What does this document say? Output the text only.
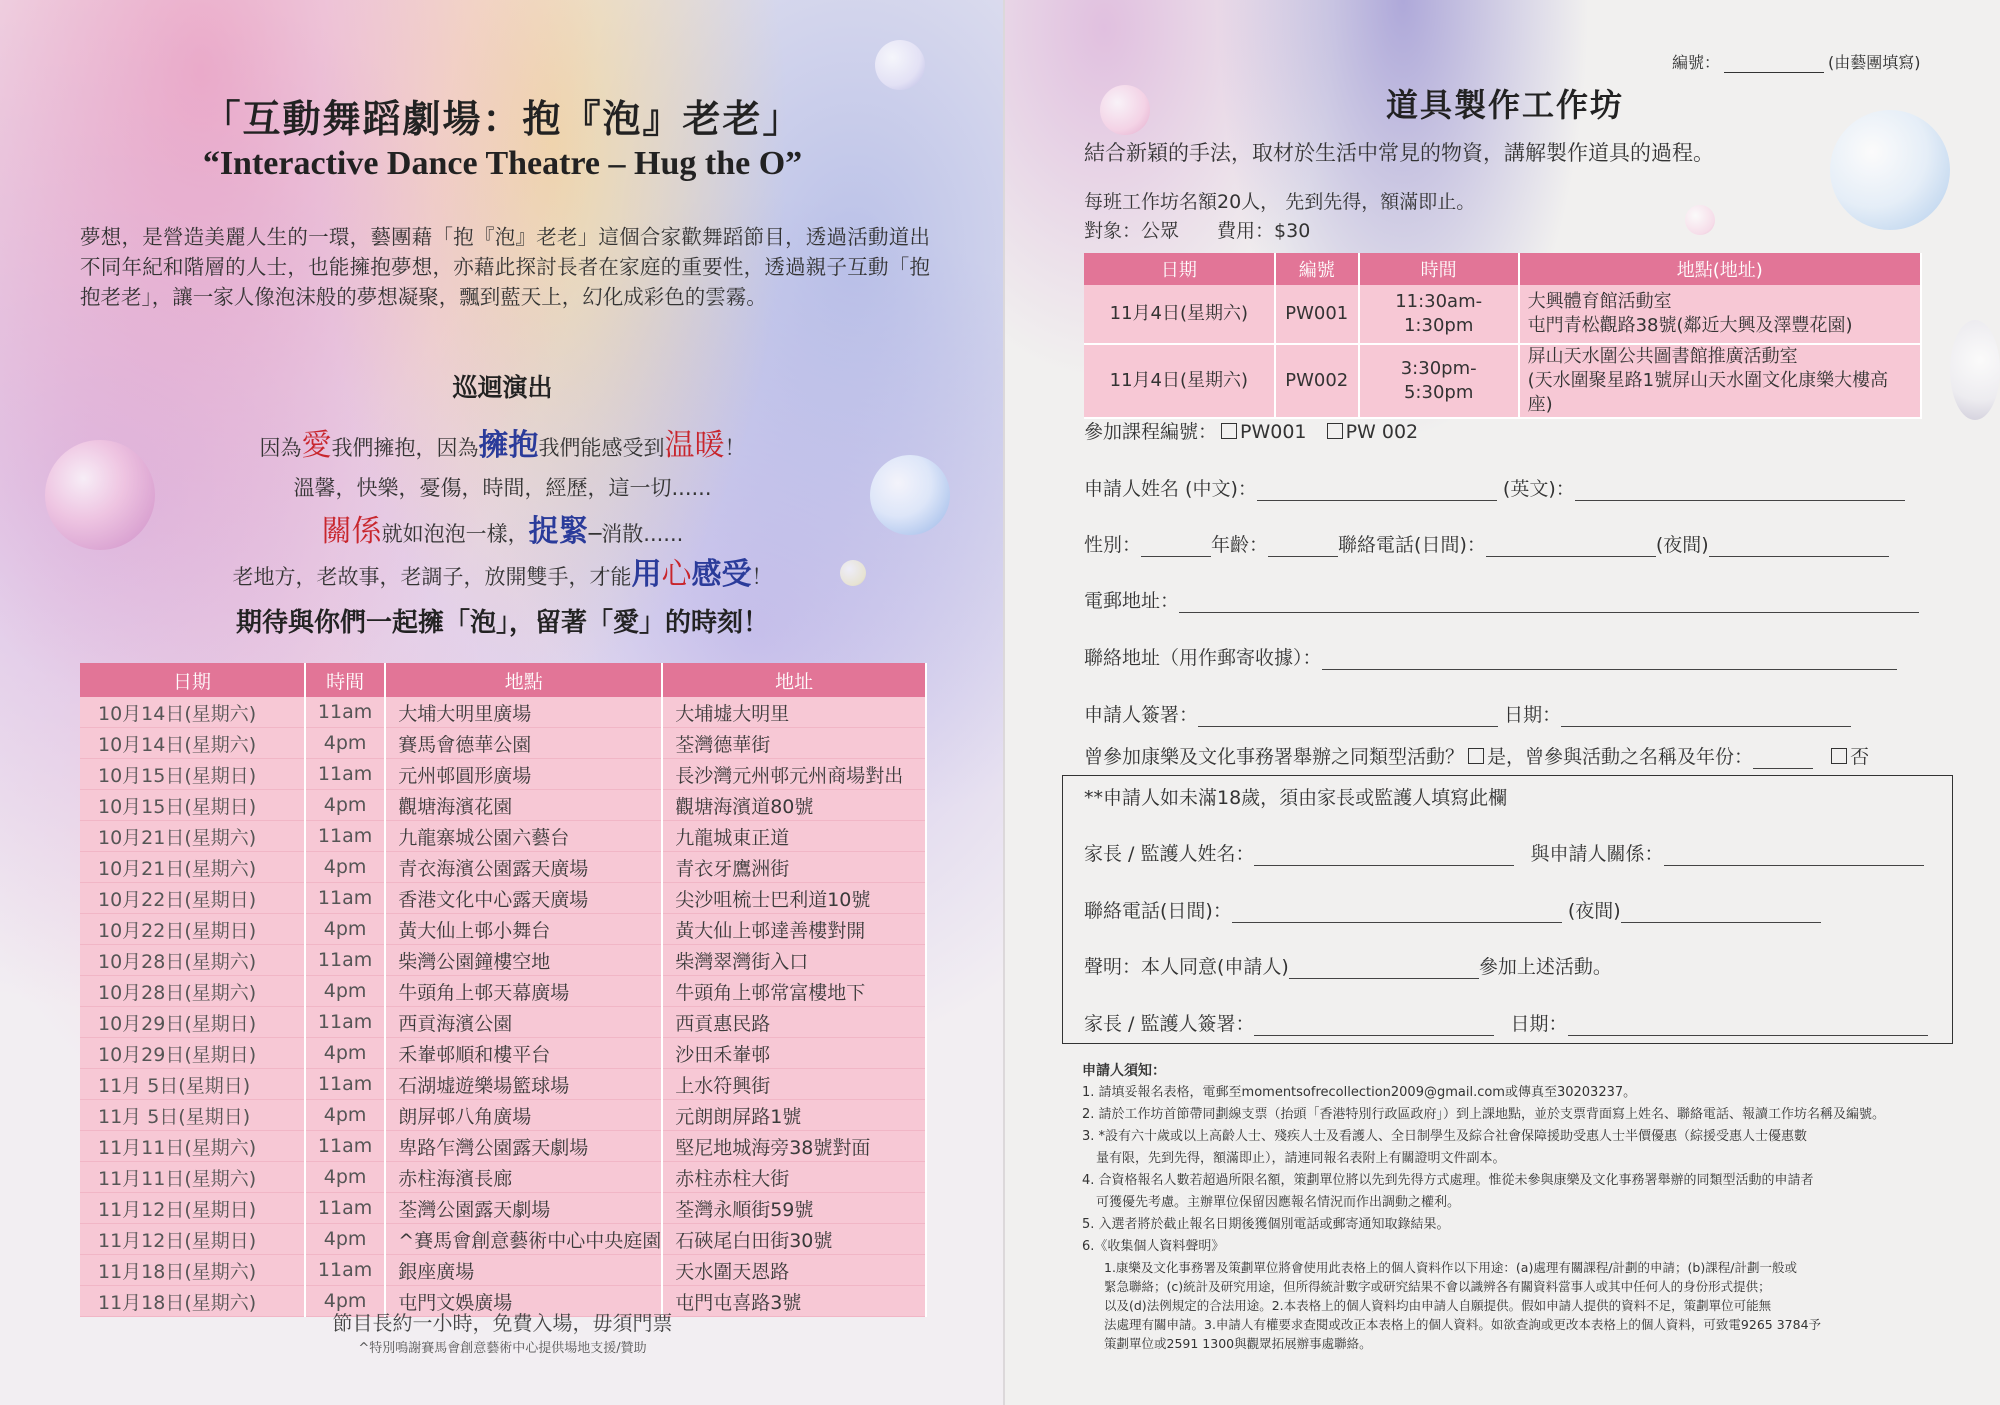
「互動舞蹈劇場：抱『泡』老老」
“Interactive Dance Theatre – Hug the O”

夢想，是營造美麗人生的一環，藝團藉「抱『泡』老老」這個合家歡舞蹈節目，透過活動道出不同年紀和階層的人士，也能擁抱夢想，亦藉此探討長者在家庭的重要性，透過親子互動「抱抱老老」，讓一家人像泡沫般的夢想凝聚，飄到藍天上，幻化成彩色的雲霧。

巡迴演出
因為愛我們擁抱，因為擁抱我們能感受到温暖！
溫馨，快樂，憂傷，時間，經歷，這一切......
關係就如泡泡一樣，捉緊─消散......
老地方，老故事，老調子，放開雙手，才能用心感受！
期待與你們一起擁「泡」，留著「愛」的時刻！
日期	時間	地點	地址
10月14日(星期六)	11am	大埔大明里廣場	大埔墟大明里
10月14日(星期六)	4pm	賽馬會德華公園	荃灣德華街
10月15日(星期日)	11am	元州邨圓形廣場	長沙灣元州邨元州商場對出
10月15日(星期日)	4pm	觀塘海濱花園	觀塘海濱道80號
10月21日(星期六)	11am	九龍寨城公園六藝台	九龍城東正道
10月21日(星期六)	4pm	青衣海濱公園露天廣場	青衣牙鷹洲街
10月22日(星期日)	11am	香港文化中心露天廣場	尖沙咀梳士巴利道10號
10月22日(星期日)	4pm	黃大仙上邨小舞台	黃大仙上邨達善樓對開
10月28日(星期六)	11am	柴灣公園鐘樓空地	柴灣翠灣街入口
10月28日(星期六)	4pm	牛頭角上邨天幕廣場	牛頭角上邨常富樓地下
10月29日(星期日)	11am	西貢海濱公園	西貢惠民路
10月29日(星期日)	4pm	禾輋邨順和樓平台	沙田禾輋邨
11月 5日(星期日)	11am	石湖墟遊樂場籃球場	上水符興街
11月 5日(星期日)	4pm	朗屏邨八角廣場	元朗朗屏路1號
11月11日(星期六)	11am	卑路乍灣公園露天劇場	堅尼地城海旁38號對面
11月11日(星期六)	4pm	赤柱海濱長廊	赤柱赤柱大街
11月12日(星期日)	11am	荃灣公園露天劇場	荃灣永順街59號
11月12日(星期日)	4pm	^賽馬會創意藝術中心中央庭園	石硤尾白田街30號
11月18日(星期六)	11am	銀座廣場	天水圍天恩路
11月18日(星期六)	4pm	屯門文娛廣場	屯門屯喜路3號
節目長約一小時，免費入場，毋須門票
^特別鳴謝賽馬會創意藝術中心提供場地支援/贊助
編號：	(由藝團填寫)
道具製作工作坊
結合新穎的手法，取材於生活中常見的物資，講解製作道具的過程。
每班工作坊名額20人， 先到先得，額滿即止。
對象：公眾 費用：$30
日期	編號	時間	地點(地址)
11月4日(星期六)	PW001	11:30am-1:30pm	大興體育館活動室
屯門青松觀路38號(鄰近大興及澤豐花園)

11月4日(星期六)	PW002	3:30pm- 5:30pm	屏山天水圍公共圖書館推廣活動室
(天水圍聚星路1號屏山天水圍文化康樂大樓高座)
參加課程編號： PW001 PW 002
申請人姓名 (中文)：	(英文)：
性別：	年齡：	聯絡電話(日間)：	(夜間)
電郵地址：
聯絡地址（用作郵寄收據）：
申請人簽署：	日期：
曾參加康樂及文化事務署舉辦之同類型活動？ 是，曾參與活動之名稱及年份：	否
**申請人如未滿18歲，須由家長或監護人填寫此欄
家長 / 監護人姓名：	與申請人關係：
聯絡電話(日間)：	(夜間)
聲明：本人同意(申請人)	參加上述活動。
家長 / 監護人簽署：	日期：

申請人須知：

1. 請填妥報名表格，電郵至momentsofrecollection2009@gmail.com或傳真至30203237。

2. 請於工作坊首節帶同劃線支票（抬頭「香港特別行政區政府」）到上課地點，並於支票背面寫上姓名、聯絡電話、報讀工作坊名稱及編號。

3. *設有六十歲或以上高齡人士、殘疾人士及看護人、全日制學生及綜合社會保障援助受惠人士半價優惠（綜援受惠人士優惠數

量有限，先到先得，額滿即止），請連同報名表附上有關證明文件副本。

4. 合資格報名人數若超過所限名額，策劃單位將以先到先得方式處理。惟從未參與康樂及文化事務署舉辦的同類型活動的申請者

可獲優先考慮。主辦單位保留因應報名情況而作出調動之權利。

5. 入選者將於截止報名日期後獲個別電話或郵寄通知取錄結果。

6.《收集個人資料聲明》

1.康樂及文化事務署及策劃單位將會使用此表格上的個人資料作以下用途：(a)處理有關課程/計劃的申請；(b)課程/計劃一般或

緊急聯絡；(c)統計及研究用途，但所得統計數字或研究結果不會以識辨各有關資料當事人或其中任何人的身份形式提供；

以及(d)法例規定的合法用途。2.本表格上的個人資料均由申請人自願提供。假如申請人提供的資料不足，策劃單位可能無

法處理有關申請。3.申請人有權要求查閱或改正本表格上的個人資料。如欲查詢或更改本表格上的個人資料，可致電9265 3784予

策劃單位或2591 1300與觀眾拓展辦事處聯絡。
